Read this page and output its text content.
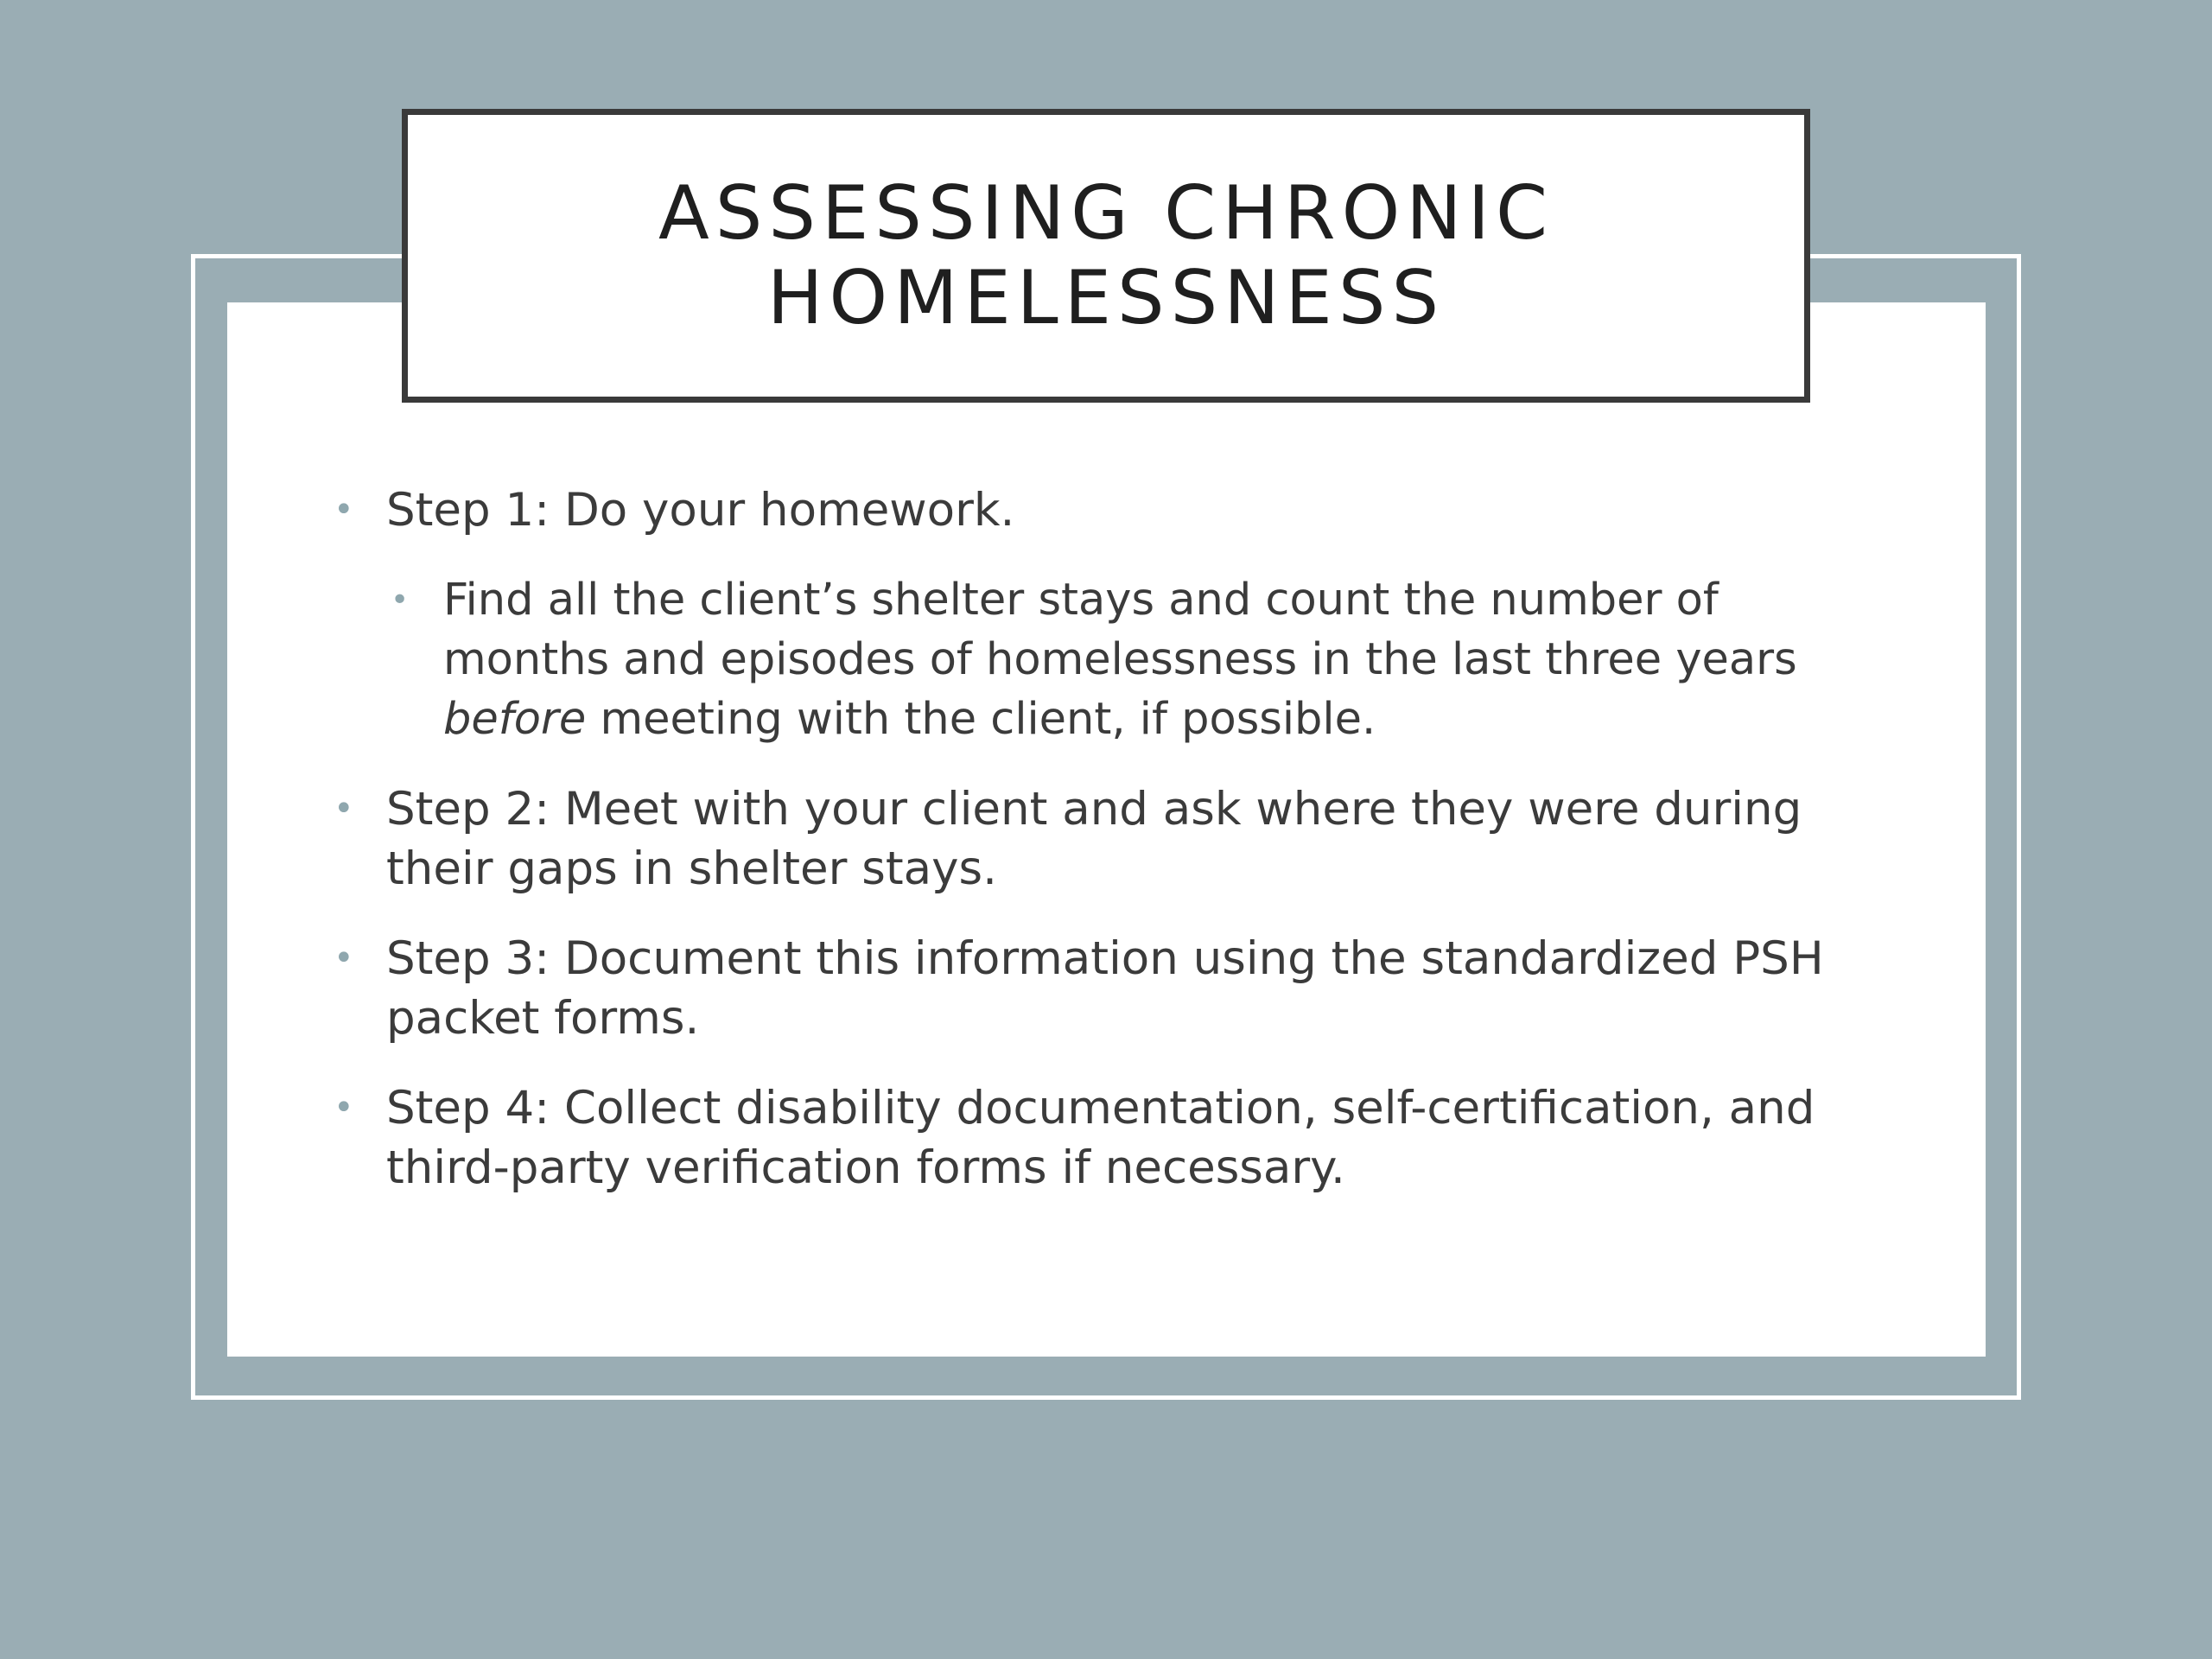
ASSESSING CHRONIC
HOMELESSNESS
• Step 1: Do your homework.
• Find all the client’s shelter stays and count the number of months and episodes of homelessness in the last three years before meeting with the client, if possible.
• Step 2: Meet with your client and ask where they were during their gaps in shelter stays.
• Step 3: Document this information using the standardized PSH packet forms.
• Step 4: Collect disability documentation, self-certification, and third-party verification forms if necessary.
